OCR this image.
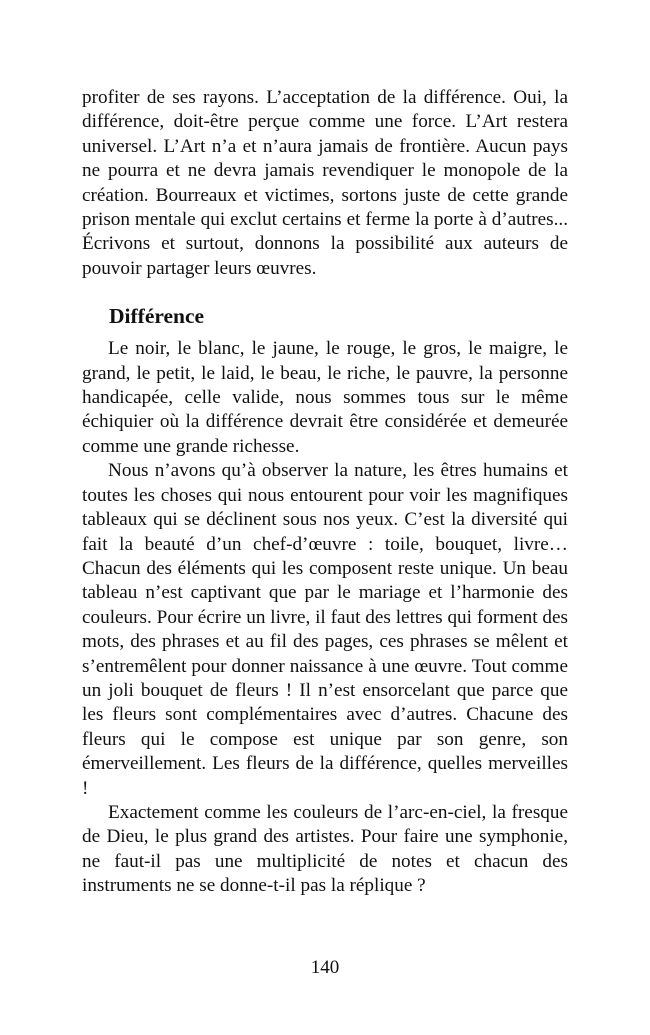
profiter de ses rayons. L’acceptation de la différence. Oui, la différence, doit-être perçue comme une force. L’Art restera universel. L’Art n’a et n’aura jamais de frontière. Aucun pays ne pourra et ne devra jamais revendiquer le monopole de la création. Bourreaux et victimes, sortons juste de cette grande prison mentale qui exclut certains et ferme la porte à d’autres... Écrivons et surtout, donnons la possibilité aux auteurs de pouvoir partager leurs œuvres.

Différence

Le noir, le blanc, le jaune, le rouge, le gros, le maigre, le grand, le petit, le laid, le beau, le riche, le pauvre, la personne handicapée, celle valide, nous sommes tous sur le même échiquier où la différence devrait être considérée et demeurée comme une grande richesse.

Nous n’avons qu’à observer la nature, les êtres humains et toutes les choses qui nous entourent pour voir les magnifiques tableaux qui se déclinent sous nos yeux. C’est la diversité qui fait la beauté d’un chef-d’œuvre : toile, bouquet, livre… Chacun des éléments qui les composent reste unique. Un beau tableau n’est captivant que par le mariage et l’harmonie des couleurs. Pour écrire un livre, il faut des lettres qui forment des mots, des phrases et au fil des pages, ces phrases se mêlent et s’entremêlent pour donner naissance à une œuvre. Tout comme un joli bouquet de fleurs ! Il n’est ensorcelant que parce que les fleurs sont complémentaires avec d’autres. Chacune des fleurs qui le compose est unique par son genre, son émerveillement. Les fleurs de la différence, quelles merveilles !

Exactement comme les couleurs de l’arc-en-ciel, la fresque de Dieu, le plus grand des artistes. Pour faire une symphonie, ne faut-il pas une multiplicité de notes et chacun des instruments ne se donne-t-il pas la réplique ?

140
